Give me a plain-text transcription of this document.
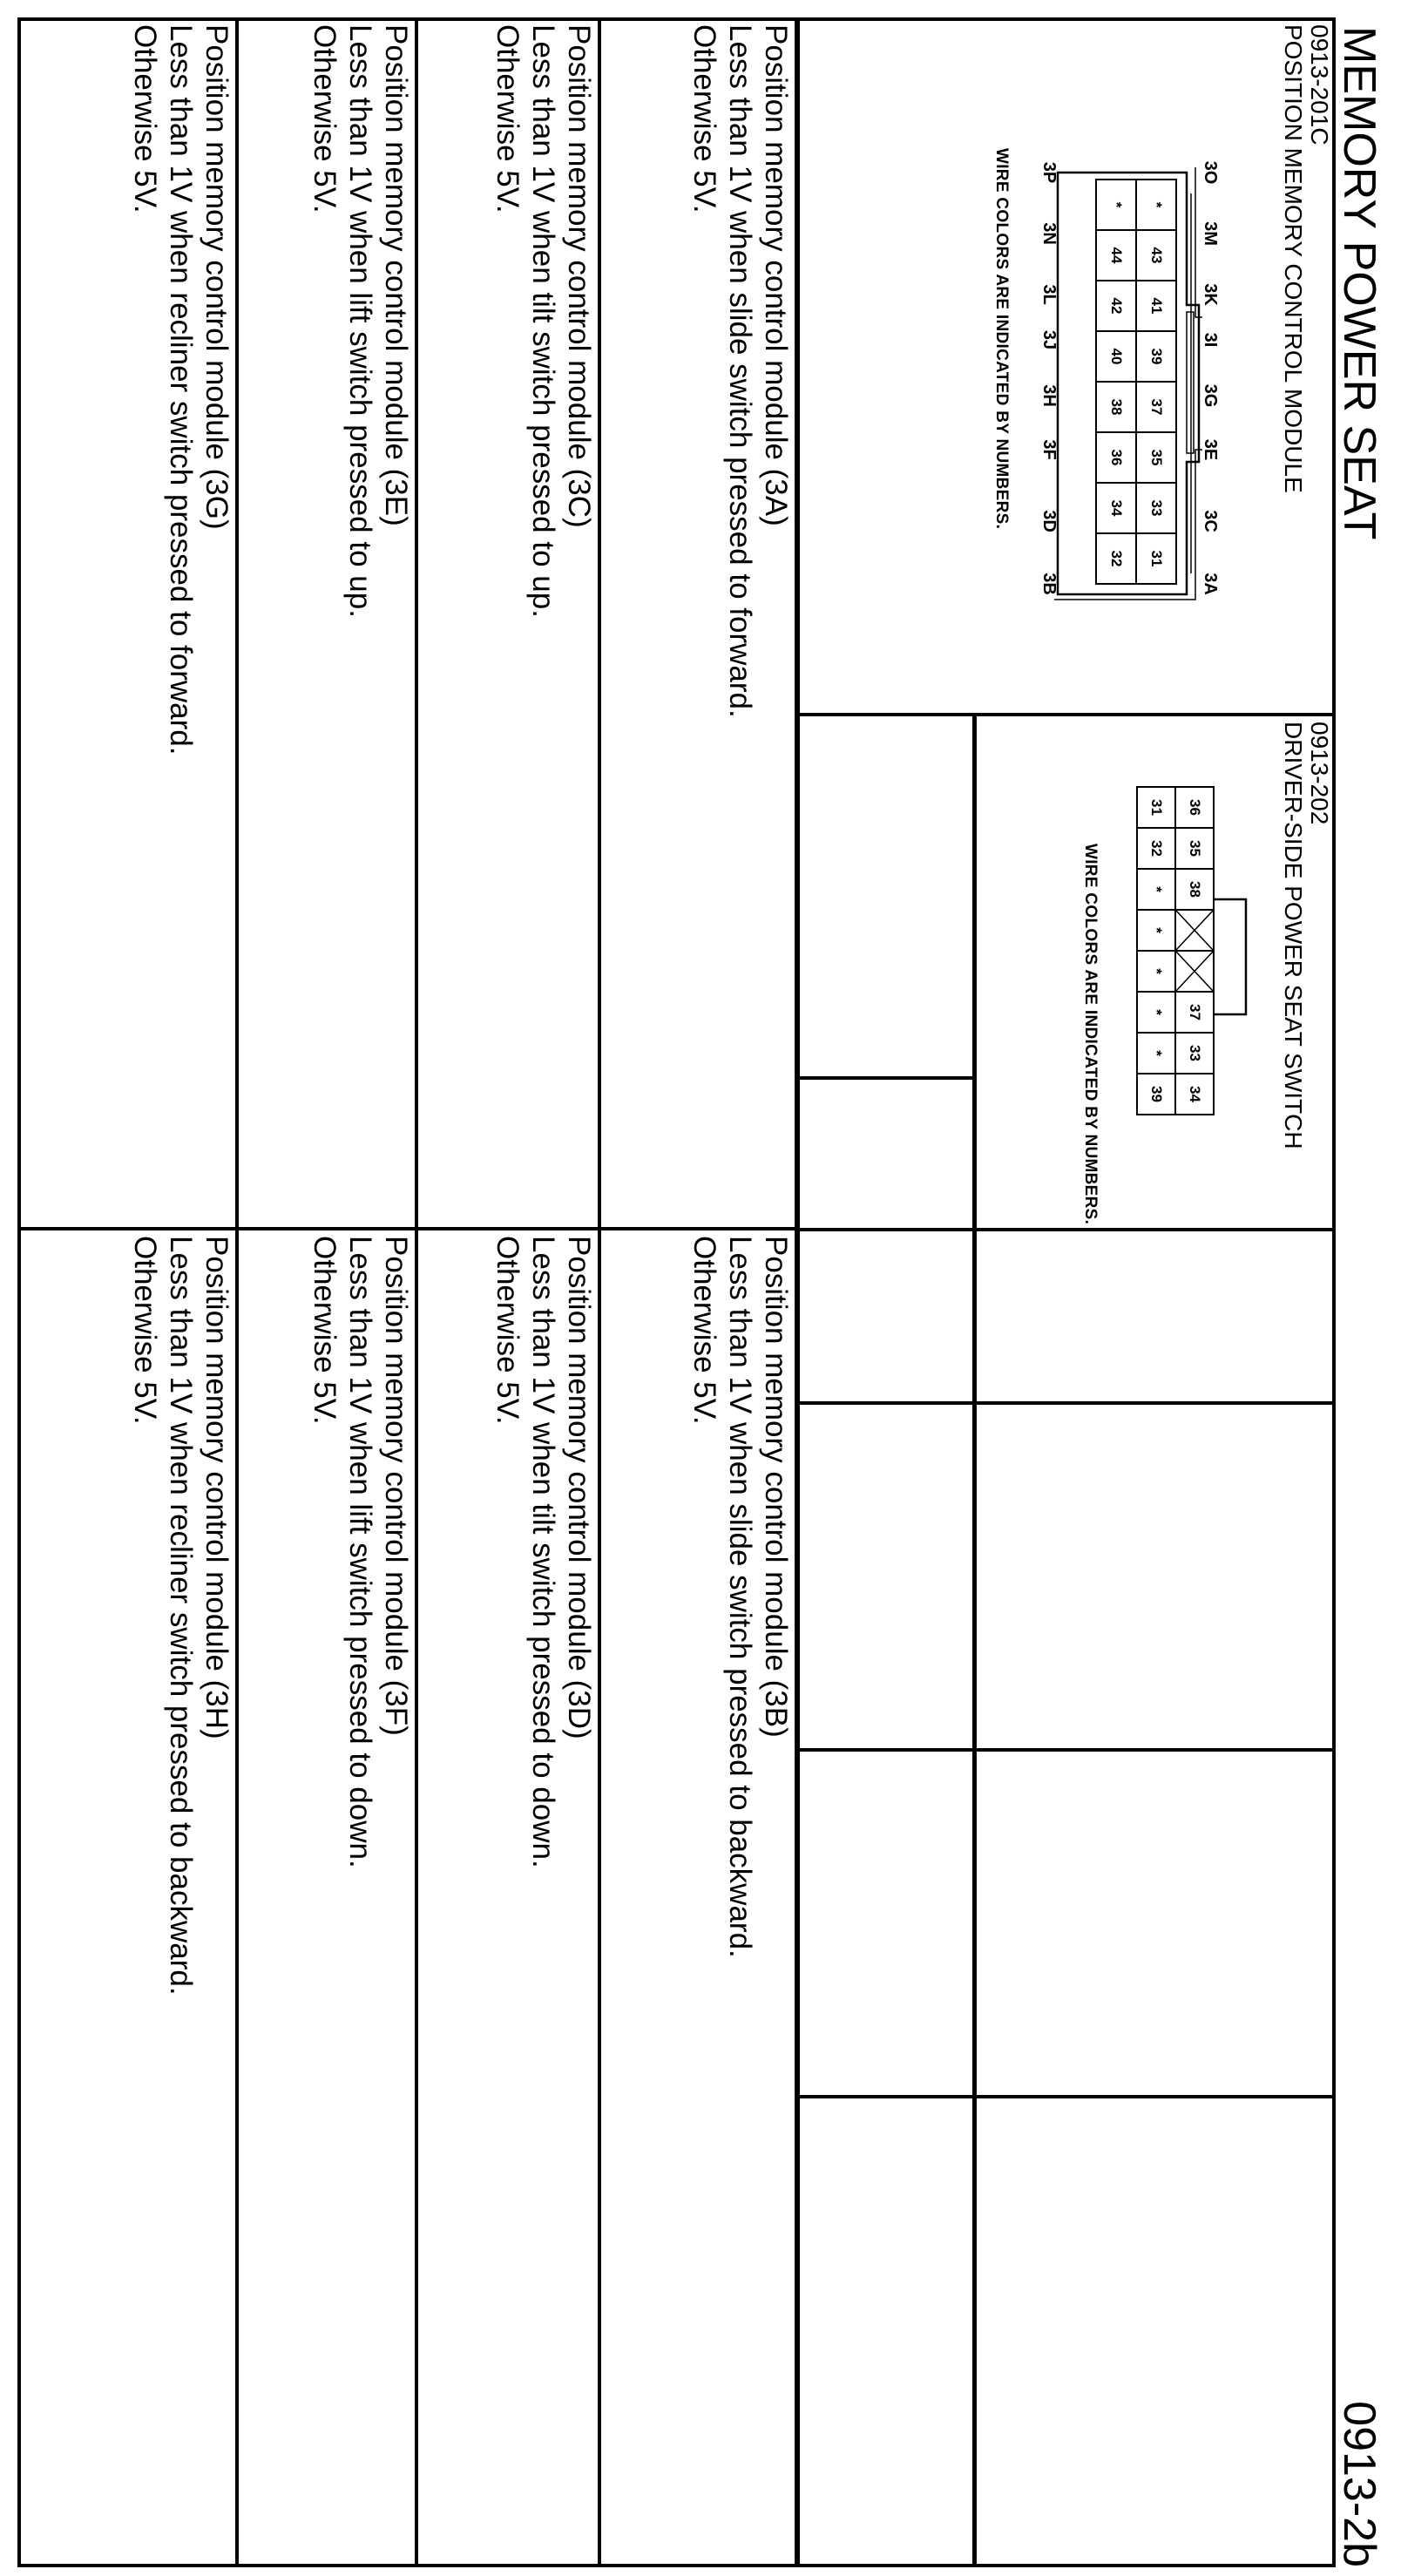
MEMORY POWER SEAT
0913-2b
0913-201C
POSITION MEMORY CONTROL MODULE
3O
3M
3K
3I
3G
3E
3C
3A
*
43
41
39
37
35
33
31
*
44
42
40
38
36
34
32
3P
3N
3L
3J
3H
3F
3D
3B
WIRE COLORS ARE INDICATED BY NUMBERS.
0913-202
DRIVER-SIDE POWER SEAT SWITCH
36
35
38
37
33
34
31
32
*
*
*
*
*
39
WIRE COLORS ARE INDICATED BY NUMBERS.
Position memory control module (3A)
Less than 1V when slide switch pressed to forward.
Otherwise 5V.
Position memory control module (3C)
Less than 1V when tilt switch pressed to up.
Otherwise 5V.
Position memory control module (3E)
Less than 1V when lift switch pressed to up.
Otherwise 5V.
Position memory control module (3G)
Less than 1V when recliner switch pressed to forward.
Otherwise 5V.
Position memory control module (3B)
Less than 1V when slide switch pressed to backward.
Otherwise 5V.
Position memory control module (3D)
Less than 1V when tilt switch pressed to down.
Otherwise 5V.
Position memory control module (3F)
Less than 1V when lift switch pressed to down.
Otherwise 5V.
Position memory control module (3H)
Less than 1V when recliner switch pressed to backward.
Otherwise 5V.
